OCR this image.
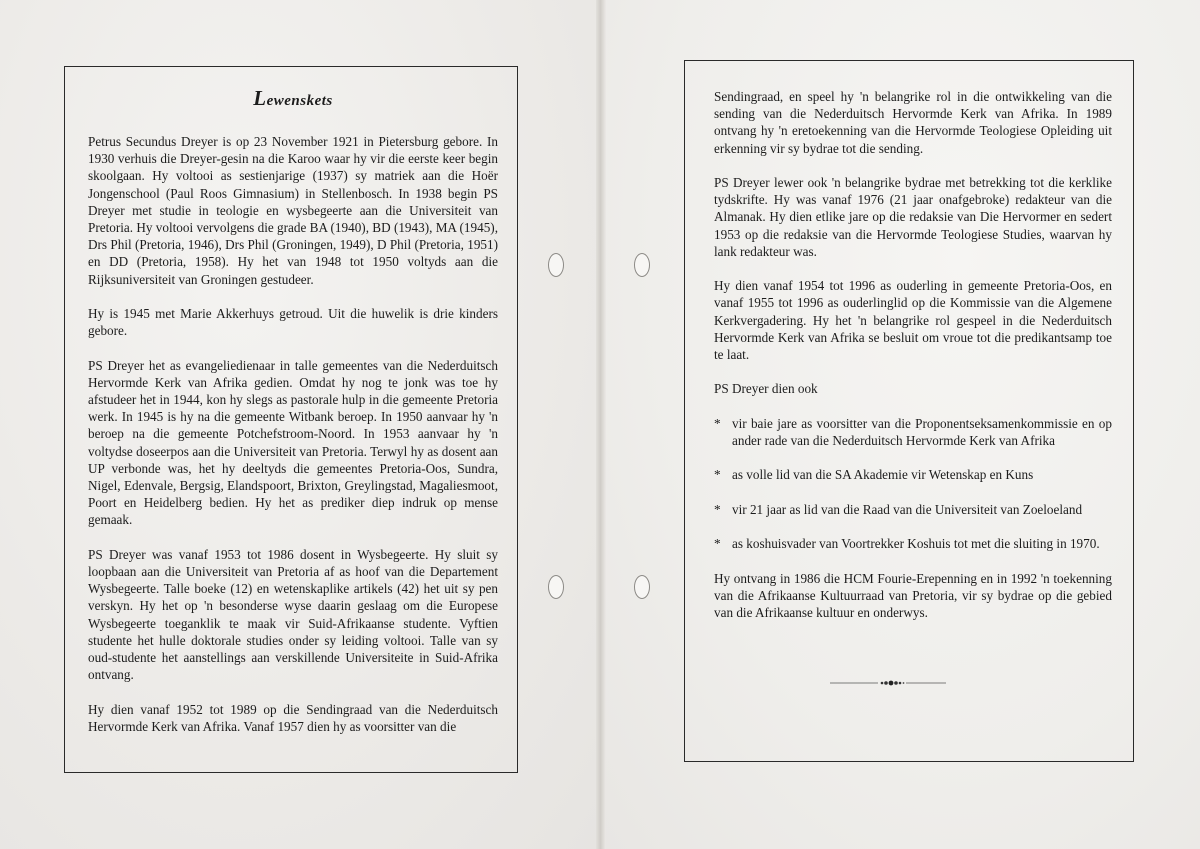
Lewenskets

Petrus Secundus Dreyer is op 23 November 1921 in Pietersburg gebore. In 1930 verhuis die Dreyer-gesin na die Karoo waar hy vir die eerste keer begin skoolgaan. Hy voltooi as sestienjarige (1937) sy matriek aan die Hoër Jongenschool (Paul Roos Gimnasium) in Stellenbosch. In 1938 begin PS Dreyer met studie in teologie en wysbegeerte aan die Universiteit van Pretoria. Hy voltooi vervolgens die grade BA (1940), BD (1943), MA (1945), Drs Phil (Pretoria, 1946), Drs Phil (Groningen, 1949), D Phil (Pretoria, 1951) en DD (Pretoria, 1958). Hy het van 1948 tot 1950 voltyds aan die Rijksuniversiteit van Groningen gestudeer.

Hy is 1945 met Marie Akkerhuys getroud. Uit die huwelik is drie kinders gebore.

PS Dreyer het as evangeliedienaar in talle gemeentes van die Nederduitsch Hervormde Kerk van Afrika gedien. Omdat hy nog te jonk was toe hy afstudeer het in 1944, kon hy slegs as pastorale hulp in die gemeente Pretoria werk. In 1945 is hy na die gemeente Witbank beroep. In 1950 aanvaar hy 'n beroep na die gemeente Potchefstroom-Noord. In 1953 aanvaar hy 'n voltydse doseerpos aan die Universiteit van Pretoria. Terwyl hy as dosent aan UP verbonde was, het hy deeltyds die gemeentes Pretoria-Oos, Sundra, Nigel, Edenvale, Bergsig, Elandspoort, Brixton, Greylingstad, Magaliesmoot, Poort en Heidelberg bedien. Hy het as prediker diep indruk op mense gemaak.

PS Dreyer was vanaf 1953 tot 1986 dosent in Wysbegeerte. Hy sluit sy loopbaan aan die Universiteit van Pretoria af as hoof van die Departement Wysbegeerte. Talle boeke (12) en wetenskaplike artikels (42) het uit sy pen verskyn. Hy het op 'n besonderse wyse daarin geslaag om die Europese Wysbegeerte toeganklik te maak vir Suid-Afrikaanse studente. Vyftien studente het hulle doktorale studies onder sy leiding voltooi. Talle van sy oud-studente het aanstellings aan verskillende Universiteite in Suid-Afrika ontvang.

Hy dien vanaf 1952 tot 1989 op die Sendingraad van die Nederduitsch Hervormde Kerk van Afrika. Vanaf 1957 dien hy as voorsitter van die

Sendingraad, en speel hy 'n belangrike rol in die ontwikkeling van die sending van die Nederduitsch Hervormde Kerk van Afrika. In 1989 ontvang hy 'n eretoekenning van die Hervormde Teologiese Opleiding uit erkenning vir sy bydrae tot die sending.

PS Dreyer lewer ook 'n belangrike bydrae met betrekking tot die kerklike tydskrifte. Hy was vanaf 1976 (21 jaar onafgebroke) redakteur van die Almanak. Hy dien etlike jare op die redaksie van Die Hervormer en sedert 1953 op die redaksie van die Hervormde Teologiese Studies, waarvan hy lank redakteur was.

Hy dien vanaf 1954 tot 1996 as ouderling in gemeente Pretoria-Oos, en vanaf 1955 tot 1996 as ouderlinglid op die Kommissie van die Algemene Kerkvergadering. Hy het 'n belangrike rol gespeel in die Nederduitsch Hervormde Kerk van Afrika se besluit om vroue tot die predikantsamp toe te laat.

PS Dreyer dien ook

* vir baie jare as voorsitter van die Proponentseksamenkommissie en op ander rade van die Nederduitsch Hervormde Kerk van Afrika
* as volle lid van die SA Akademie vir Wetenskap en Kuns
* vir 21 jaar as lid van die Raad van die Universiteit van Zoeloeland
* as koshuisvader van Voortrekker Koshuis tot met die sluiting in 1970.

Hy ontvang in 1986 die HCM Fourie-Erepenning en in 1992 'n toekenning van die Afrikaanse Kultuurraad van Pretoria, vir sy bydrae op die gebied van die Afrikaanse kultuur en onderwys.
